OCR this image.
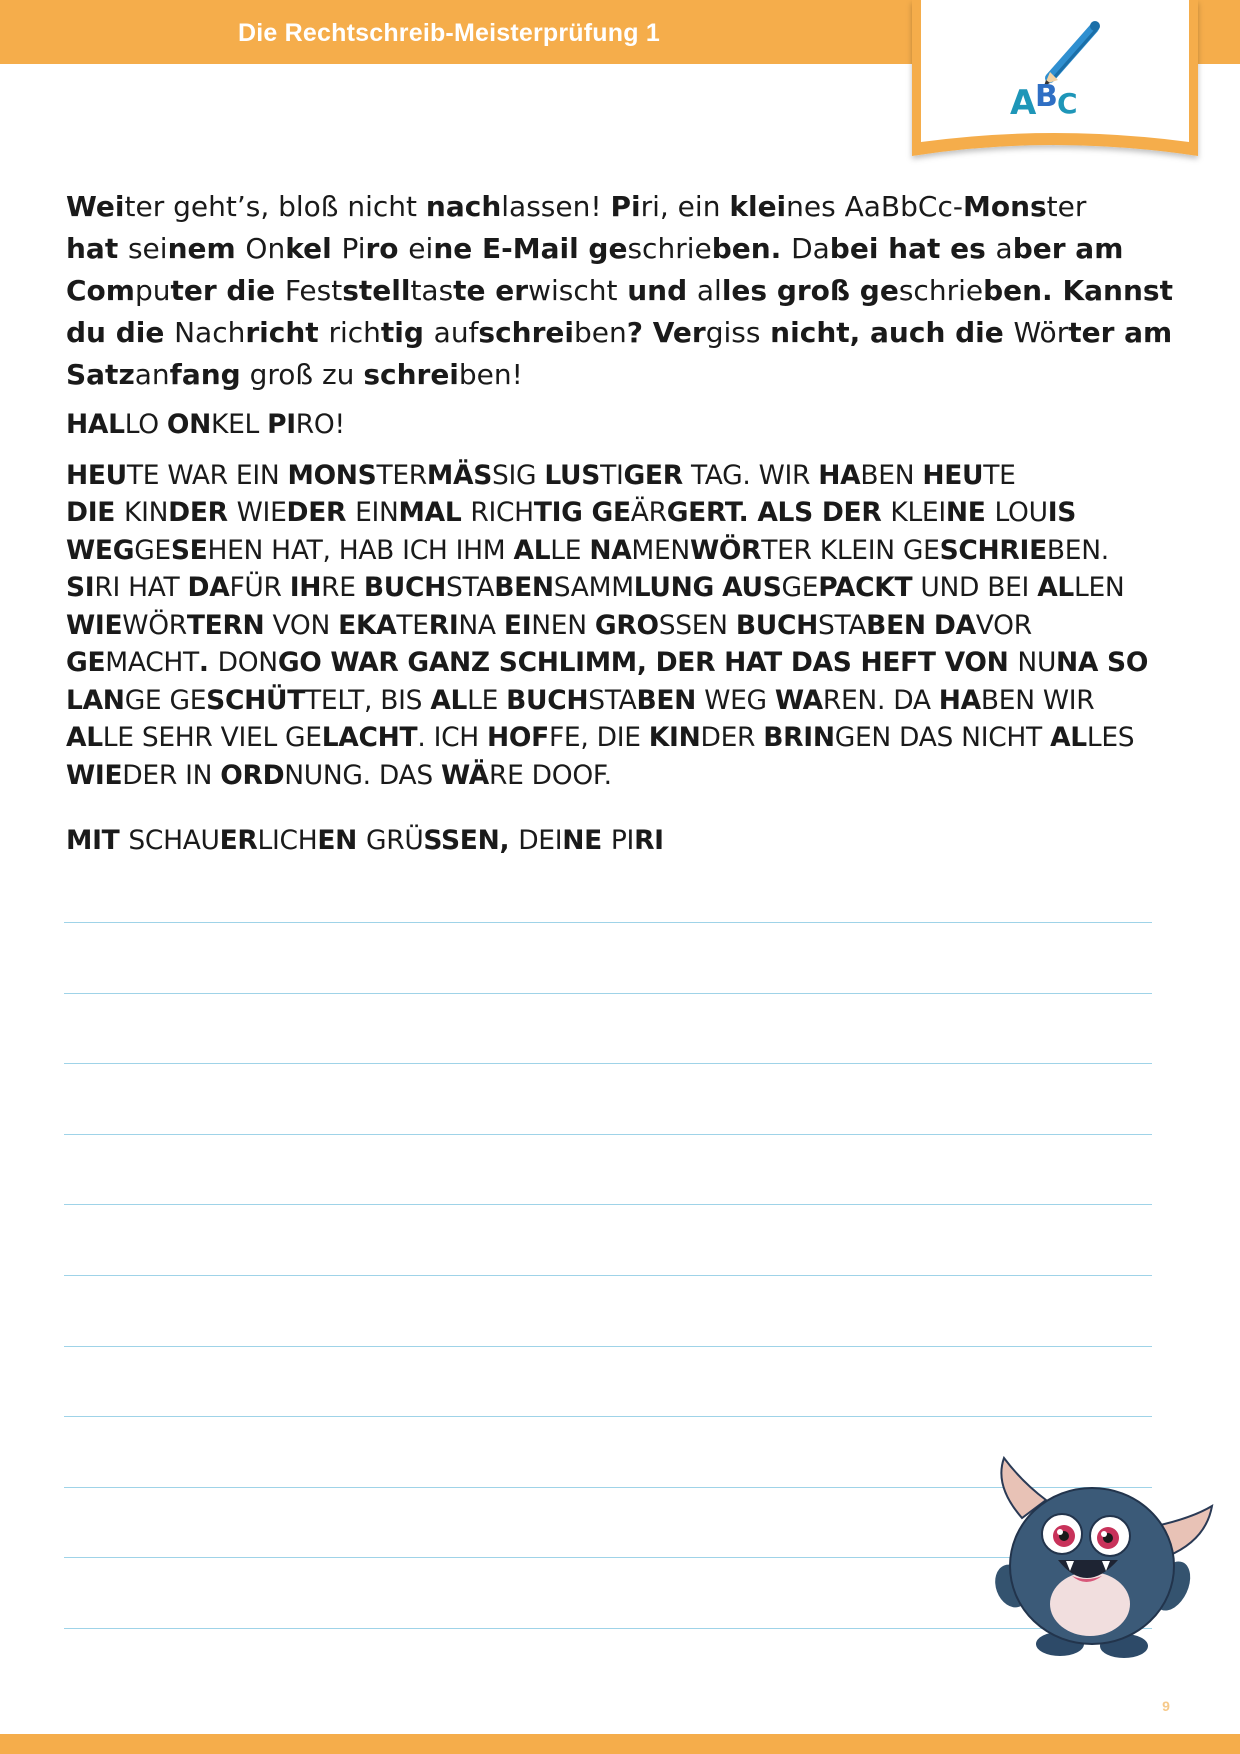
Die Rechtschreib-Meisterprüfung 1
A
B C

Weiter geht’s, bloß nicht nachlassen! Piri, ein kleines AaBbCc-Monster

hat seinem Onkel Piro eine E-Mail geschrieben. Dabei hat es aber am

Computer die Feststelltaste erwischt und alles groß geschrieben. Kannst

du die Nachricht richtig aufschreiben? Vergiss nicht, auch die Wörter am

Satzanfang groß zu schreiben!

HALLO ONKEL PIRO!

HEUTE WAR EIN MONSTERMÄSSIG LUSTIGER TAG. WIR HABEN HEUTE

DIE KINDER WIEDER EINMAL RICHTIG GEÄRGERT. ALS DER KLEINE LOUIS

WEGGESEHEN HAT, HAB ICH IHM ALLE NAMENWÖRTER KLEIN GESCHRIEBEN.

SIRI HAT DAFÜR IHRE BUCHSTABENSAMMLUNG AUSGEPACKT UND BEI ALLEN

WIEWÖRTERN VON EKATERINA EINEN GROSSEN BUCHSTABEN DAVOR

GEMACHT. DONGO WAR GANZ SCHLIMM, DER HAT DAS HEFT VON NUNA SO

LANGE GESCHÜTTELT, BIS ALLE BUCHSTABEN WEG WAREN. DA HABEN WIR

ALLE SEHR VIEL GELACHT. ICH HOFFE, DIE KINDER BRINGEN DAS NICHT ALLES

WIEDER IN ORDNUNG. DAS WÄRE DOOF.

MIT SCHAUERLICHEN GRÜSSEN, DEINE PIRI

9
